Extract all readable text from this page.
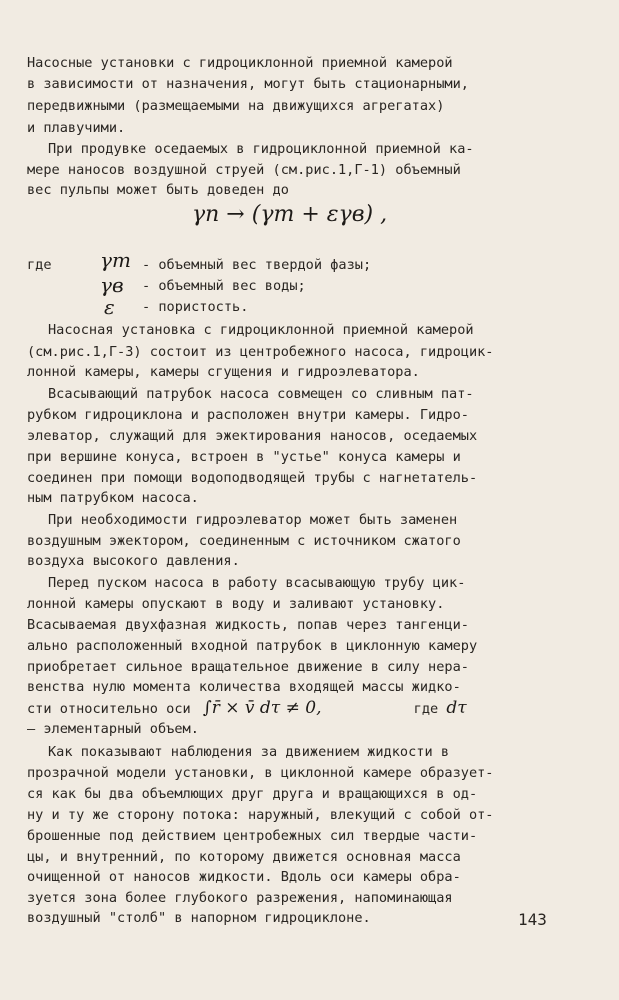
Насосные установки с гидроциклонной приемной камерой
в зависимости от назначения, могут быть стационарными,
передвижными (размещаемыми на движущихся агрегатах)
и плавучими.
При продувке оседаемых в гидроциклонной приемной ка-
мере наносов воздушной струей (см.рис.1,Г-1) объемный
вес пульпы может быть доведен до
γп → (γт + εγв) ,
где γт - объемный вес твердой фазы;
γв - объемный вес воды;
ε - пористость.
Насосная установка с гидроциклонной приемной камерой
(см.рис.1,Г-3) состоит из центробежного насоса, гидроцик-
лонной камеры, камеры сгущения и гидроэлеватора.
Всасывающий патрубок насоса совмещен со сливным пат-
рубком гидроциклона и расположен внутри камеры. Гидро-
элеватор, служащий для эжектирования наносов, оседаемых
при вершине конуса, встроен в "устье" конуса камеры и
соединен при помощи водоподводящей трубы с нагнетатель-
ным патрубком насоса.
При необходимости гидроэлеватор может быть заменен
воздушным эжектором, соединенным с источником сжатого
воздуха высокого давления.
Перед пуском насоса в работу всасывающую трубу цик-
лонной камеры опускают в воду и заливают установку.
Всасываемая двухфазная жидкость, попав через тангенци-
ально расположенный входной патрубок в циклонную камеру
приобретает сильное вращательное движение в силу нера-
венства нулю момента количества входящей массы жидко-
сти относительно оси ∫r̄ × v̄ dτ ≠ 0,	где dτ
– элементарный объем.
Как показывают наблюдения за движением жидкости в
прозрачной модели установки, в циклонной камере образует-
ся как бы два объемлющих друг друга и вращающихся в од-
ну и ту же сторону потока: наружный, влекущий с собой от-
брошенные под действием центробежных сил твердые части-
цы, и внутренний, по которому движется основная масса
очищенной от наносов жидкости. Вдоль оси камеры обра-
зуется зона более глубокого разрежения, напоминающая
воздушный "столб" в напорном гидроциклоне.	143
